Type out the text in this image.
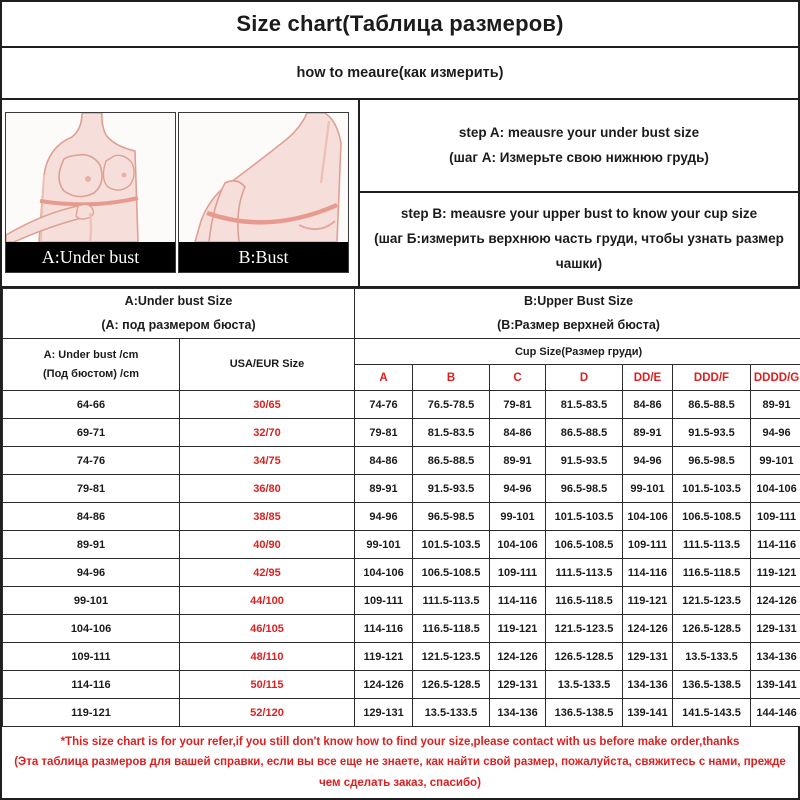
Size chart(Таблица размеров)
how to meaure(как измерить)
A:Under bust	B:Bust
step A: meausre your under bust size
(шаг А: Измерьте свою нижнюю грудь)
step B: meausre your upper bust to know your cup size
(шаг Б:измерить верхнюю часть груди, чтобы узнать размер чашки)
A:Under bust Size
(А: под размером бюста)		B:Upper Bust Size
(B:Размер верхней бюста)						

A: Under bust /cm
(Под бюстом) /cm	USA/EUR Size	Cup Size(Размер груди)						
		A	B	C	D	DD/E	DDD/F	DDDD/G
64-66	30/65	74-76	76.5-78.5	79-81	81.5-83.5	84-86	86.5-88.5	89-91
69-71	32/70	79-81	81.5-83.5	84-86	86.5-88.5	89-91	91.5-93.5	94-96
74-76	34/75	84-86	86.5-88.5	89-91	91.5-93.5	94-96	96.5-98.5	99-101
79-81	36/80	89-91	91.5-93.5	94-96	96.5-98.5	99-101	101.5-103.5	104-106
84-86	38/85	94-96	96.5-98.5	99-101	101.5-103.5	104-106	106.5-108.5	109-111
89-91	40/90	99-101	101.5-103.5	104-106	106.5-108.5	109-111	111.5-113.5	114-116
94-96	42/95	104-106	106.5-108.5	109-111	111.5-113.5	114-116	116.5-118.5	119-121
99-101	44/100	109-111	111.5-113.5	114-116	116.5-118.5	119-121	121.5-123.5	124-126
104-106	46/105	114-116	116.5-118.5	119-121	121.5-123.5	124-126	126.5-128.5	129-131
109-111	48/110	119-121	121.5-123.5	124-126	126.5-128.5	129-131	13.5-133.5	134-136
114-116	50/115	124-126	126.5-128.5	129-131	13.5-133.5	134-136	136.5-138.5	139-141
119-121	52/120	129-131	13.5-133.5	134-136	136.5-138.5	139-141	141.5-143.5	144-146
*This size chart is for your refer,if you still don't know how to find your size,please contact with us before make order,thanks
(Эта таблица размеров для вашей справки, если вы все еще не знаете, как найти свой размер, пожалуйста, свяжитесь с нами, прежде чем сделать заказ, спасибо)
